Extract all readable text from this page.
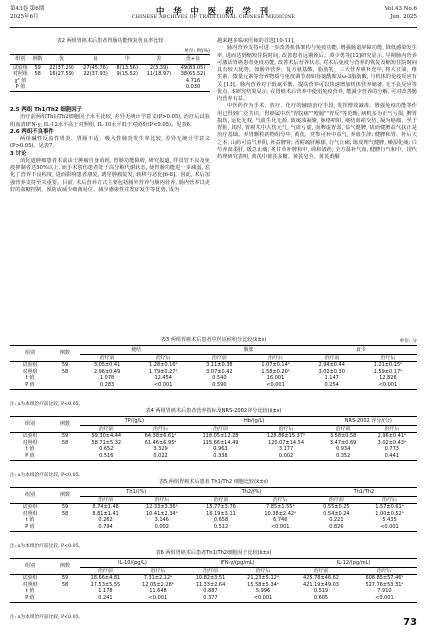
第43卷 第6期
2025年6月
中 华 中 医 药 学 刊
CHINESE ARCHIVES OF TRADITIONAL CHINESE MEDICINE
Vol.43 No.6
Jun. 2025
表2 两组胃癌术后患者胃肠功能恢复优良率比较
单位: 例(%)
组别	例数	优	良	中	差	优+良
试验组	59	22(37.29)	27(45.76)	8(13.56)	2(3.39)	49(83.05)
对照组	58	16(27.59)	22(37.93)	9(15.52)	11(18.97)	38(65.52)
χ² 值						4.716
P 值						0.030

2.5 两组 Th1/Th2 细胞因子

治疗前两组Th1/Th2细胞因子水平比较, 差异无统计学意义(P>0.05), 治疗后试验组血清IFN-γ, IL-12水平高于对照组, IL-10水平低于对照组(P<0.05)。见表6。

2.6 两组不良事件

两组碱性反流性胃炎、胃肠不适、吸入性肺炎发生率比较, 差异无统计学意义(P>0.05)。见表7。

3 讨论

消化道肿瘤患者术前由于肿瘤自身消耗, 胃肠功能障碍, 研究报道, 伴食管不良及免疫抑制者达50%以上, 而手术创伤患者处于高分解代谢状态, 使胃肠功能进一步减弱, 恶化了营养不良程度, 进而影响患者康复, 诱导肿瘤复发, 转移与恶化[6-8]。因此, 术后加强营养支持至关重要。目前, 术后营养方式主要包括肠外营养与肠内营养, 肠内营养以更好的血糖控制、预防或减少细菌易位、减少感染性并发症发生等优势, 成为

越来越多临床医师的首选[10-11]。

肠内营养支持可进一步改善机体架构与免疫功能, 增强肠道屏障功能, 降低感染发生率, 进而达到缩短住院时间, 改善患者远期预后。谭少勇等[12]研究显示, 早期肠内营养可激活胃癌患者免疫功能, 改善术后营养状态, 对术后免疫与营养的恢复及缩短住院时间具有较大优势。如肠外营养、复方氨基酸、脂肪乳、三大营养素补充中, 将大豆油、维生素、微量元素等营养物质与免疫调节剂如谷氨酰胺及ω-3脂肪酸, 与机体的免疫反应有关 [13]。肠内营养对于低氮平衡、提高营养可以快速增加机体营养储备, 无不良反应等优点, 本研究结果显示, 在胃癌术后营养中使用免疫营养, 能减少营养的分解, 可对改善肠内营养有益。

中医药作为手术、放疗、化疗的辅助治疗手段, 发挥增效减毒、增强免疫功能等作用已得到广泛共识。胃癌属中医"胃脘痛""噎膈""胃反"等范畴, 病机多为正气亏损, 脾胃损伤, 运化无权, 气血生化无源, 致痰浊凝聚, 脉络瘀阻, 痰结血瘀交结, 凝为癌瘤。至于胃脏, 其时, 胃癌术中大伤元气, 气血亏虚, 而脾虚胃弱, 益气健脾, 故而健脾益气扶正是治疗基础。养胃颗粒药物组分中, 黄芪、党参可补中益气, 养血生津; 健脾和胃、补后天之本, 山药可益气养阴, 补益脾肾; 香附疏肝解郁, 行气止痛; 陈皮理气健脾, 燥湿化痰; 白芍养血柔肝, 缓急止痛; 炙甘草补脾和中, 调和诸药, 全方温补气血, 健脾行气和中。现代药理研究表明, 黄芪中黄芪多糖、黄芪皂苷、黄芪黄酮

表3 两组胃癌术后患者中医证候积分比较(x̄±s)	单位: 分
组别	例数	便结		腹胀		食少	
		治疗前	治疗后	治疗前	治疗后	治疗前	治疗后
试验组	59	3.05±0.41	1.28±0.16ᵃ	3.11±0.38	1.07±0.14ᵃ	2.94±0.44	1.21±0.15ᵃ
对照组	58	2.96±0.49	1.79±0.27ᵃ	3.07±0.42	1.58±0.20ᵃ	3.02±0.30	1.59±0.17ᵃ
t 值		1.078	12.454	0.540	16.001	1.147	12.826
P 值		0.283	<0.001	0.590	<0.001	0.254	<0.001
注: a为本组治疗前比较, P<0.05。
表4 两组胃癌术后患者营养指标及NRS-2002评分比较(x̄±s)
组别	例数	TP/(g/L)		Hb/(g/L)		NRS-2002 评分/(分)	
		治疗前	治疗后	治疗前	治疗后	治疗前	治疗后
试验组	59	59.30±4.44	64.38±6.61ᵃ	118.05±12.28	128.86±15.37ᵃ	3.58±0.58	2.96±0.41ᵃ
对照组	58	58.71±5.32	61.46±6.95ᵃ	115.66±14.49	120.07±14.54	3.47±0.69	3.02±0.43ᵃ
t 值		0.652	3.329	0.963	3.177	0.934	0.773
P 值		0.516	0.022	0.338	0.002	0.352	0.441
注: a为本组治疗前比较, P<0.05。
表5 两组胃癌术后患者 Th1/Th2 细胞比较(x̄±s)
组别	例数	Th1/(%)		Th2/(%)		Th1/Th2	
		治疗前	治疗后	治疗前	治疗后	治疗前	治疗后
试验组	59	8.74±1.48	12.33±3.36ᵃ	15.77±3.76	7.85±1.55ᵃ	0.55±0.25	1.57±0.61ᵃ
对照组	58	8.81±1.41	10.41±2.34ᵃ	16.19±3.11	10.38±2.42ᵃ	0.54±0.24	1.00±0.52ᵃ
t 值		0.262	3.146	0.658	6.746	0.221	5.435
P 值		0.794	0.002	0.512	<0.001	0.826	<0.001
注: a为本组治疗前比较, P<0.05。
表6 两组胃癌术后患者Th1/Th2细胞因子比较(x̄±s)
组别	例数	IL-10/(pg/L)		IFN-γ/(pg/mL)		IL-12/(pg/mL)	
		治疗前	治疗后	治疗前	治疗后	治疗前	治疗后
试验组	59	18.66±4.81	7.31±2.12ᵃ	10.82±3.51	21.23±5.12ᵃ	425.78±46.62	608.85±57.46ᵃ
对照组	58	17.53±5.55	12.05±2.28ᵃ	11.33±2.64	15.58±5.34ᵃ	421.19±49.03	527.76±53.31ᵃ
t 值		1.178	11.648	0.887	5.996	0.519	7.910
P 值		0.241	<0.001	0.377	<0.001	0.605	<0.001
注: a为本组治疗前比较, P<0.05。	73
